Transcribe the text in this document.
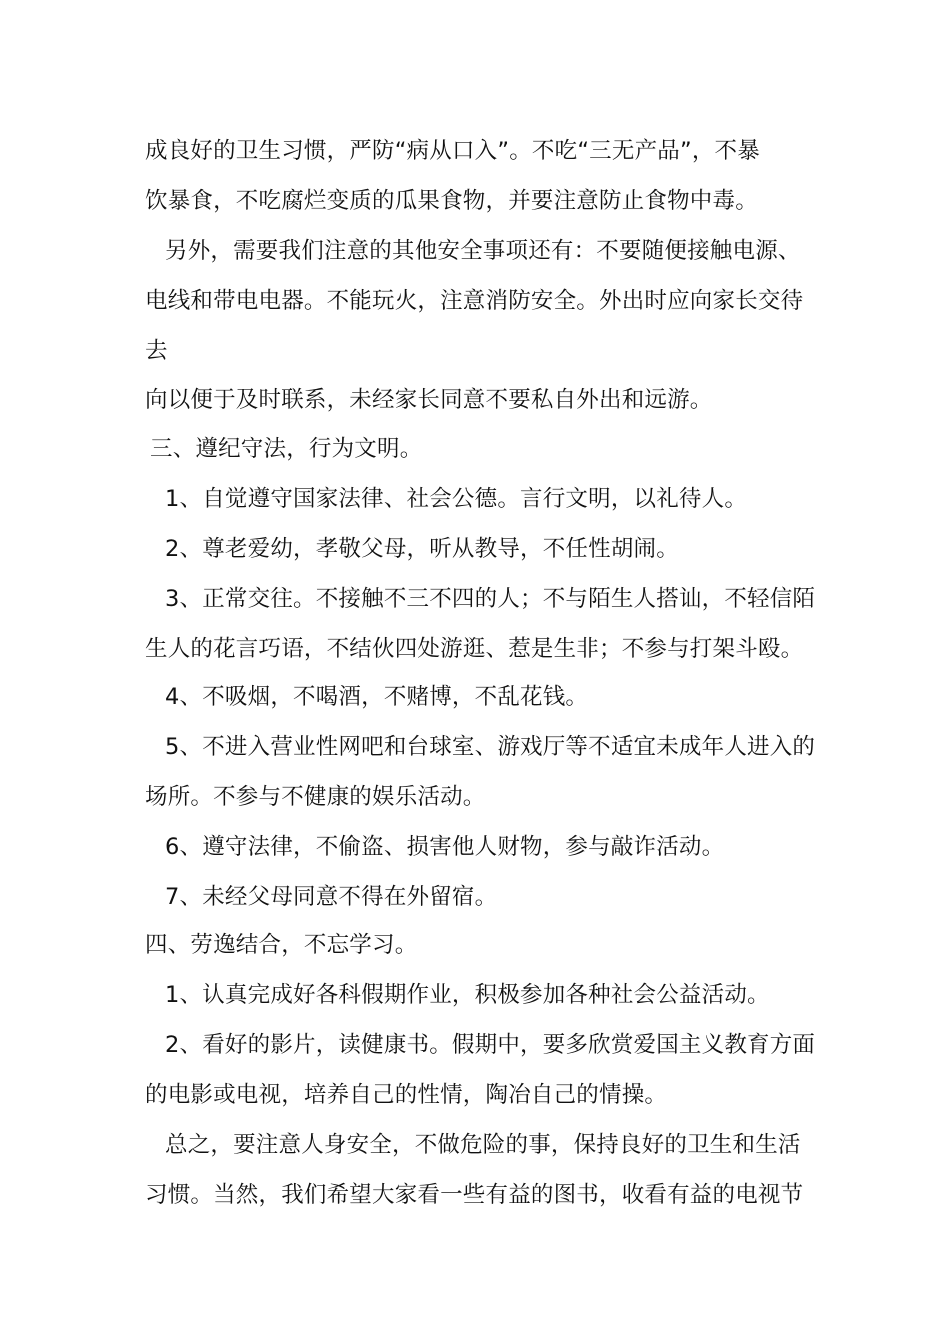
成良好的卫生习惯，严防“病从口入”。不吃“三无产品”，不暴
饮暴食，不吃腐烂变质的瓜果食物，并要注意防止食物中毒。
另外，需要我们注意的其他安全事项还有：不要随便接触电源、
电线和带电电器。不能玩火，注意消防安全。外出时应向家长交待
去
向以便于及时联系，未经家长同意不要私自外出和远游。
三、遵纪守法，行为文明。
1、自觉遵守国家法律、社会公德。言行文明，以礼待人。
2、尊老爱幼，孝敬父母，听从教导，不任性胡闹。
3、正常交往。不接触不三不四的人；不与陌生人搭讪，不轻信陌
生人的花言巧语，不结伙四处游逛、惹是生非；不参与打架斗殴。
4、不吸烟，不喝酒，不赌博，不乱花钱。
5、不进入营业性网吧和台球室、游戏厅等不适宜未成年人进入的
场所。不参与不健康的娱乐活动。
6、遵守法律，不偷盗、损害他人财物，参与敲诈活动。
7、未经父母同意不得在外留宿。
四、劳逸结合，不忘学习。
1、认真完成好各科假期作业，积极参加各种社会公益活动。
2、看好的影片，读健康书。假期中，要多欣赏爱国主义教育方面
的电影或电视，培养自己的性情，陶冶自己的情操。
总之，要注意人身安全，不做危险的事，保持良好的卫生和生活
习惯。当然，我们希望大家看一些有益的图书，收看有益的电视节
